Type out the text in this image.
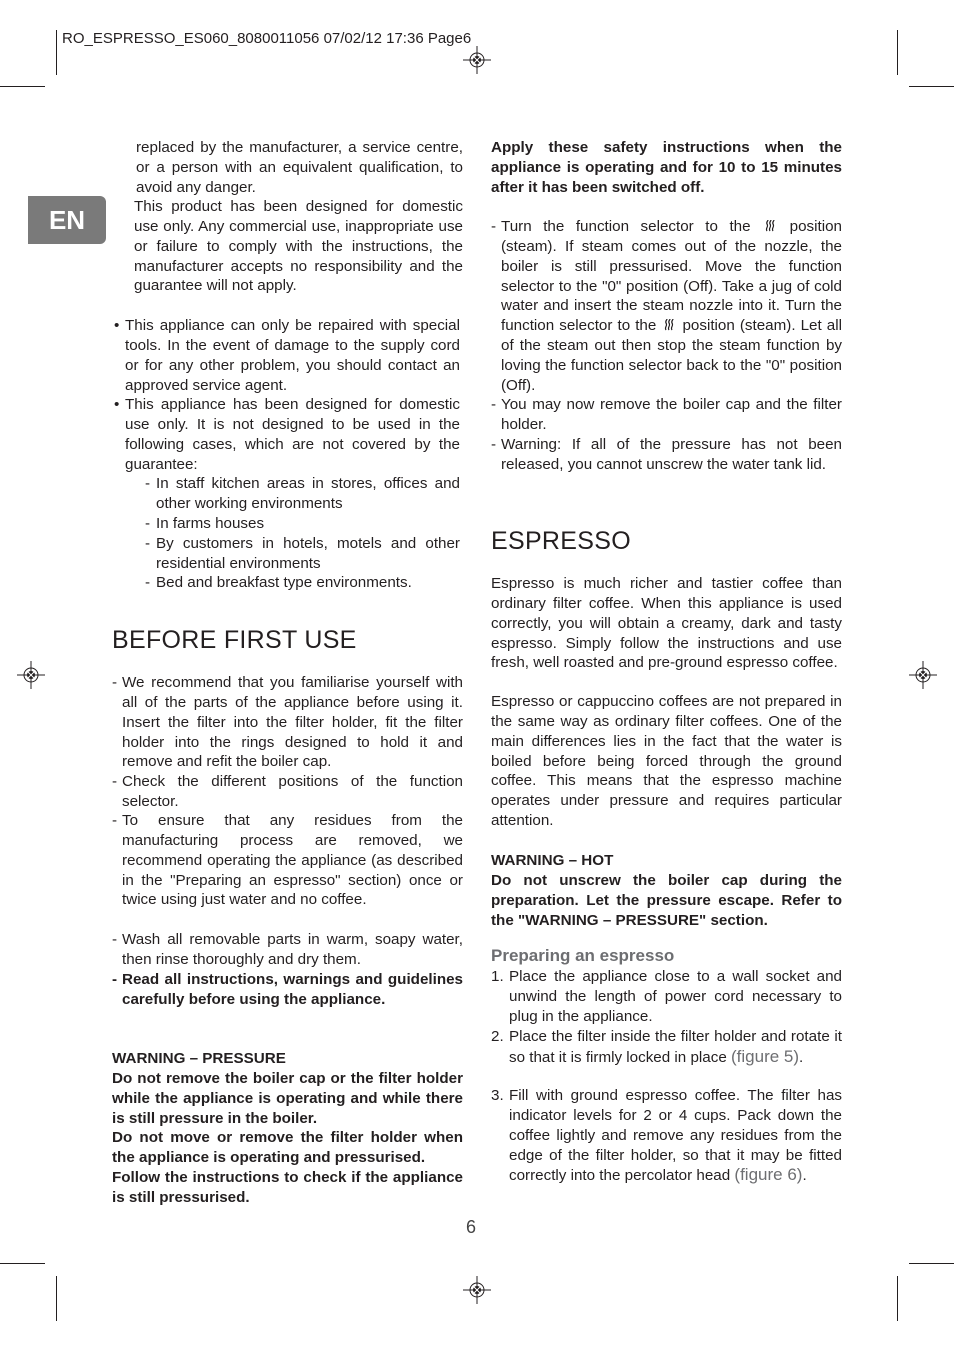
RO_ESPRESSO_ES060_8080011056 07/02/12 17:36 Page6
EN

replaced by the manufacturer, a service centre, or a person with an equivalent qualification, to avoid any danger.

This product has been designed for domestic use only. Any commercial use, inappropriate use or failure to comply with the instructions, the manufacturer accepts no responsibility and the guarantee will not apply.

• This appliance can only be repaired with special tools. In the event of damage to the supply cord or for any other problem, you should contact an approved service agent.

• This appliance has been designed for domestic use only. It is not designed to be used in the following cases, which are not covered by the guarantee:

- In staff kitchen areas in stores, offices and other working environments

- In farms houses

- By customers in hotels, motels and other residential environments

- Bed and breakfast type environments.

BEFORE FIRST USE
- We recommend that you familiarise yourself with all of the parts of the appliance before using it. Insert the filter into the filter holder, fit the filter holder into the rings designed to hold it and remove and refit the boiler cap.

- Check the different positions of the function selector.

- To ensure that any residues from the manufacturing process are removed, we recommend operating the appliance (as described in the "Preparing an espresso" section) once or twice using just water and no coffee.

- Wash all removable parts in warm, soapy water, then rinse thoroughly and dry them.

- Read all instructions, warnings and guidelines carefully before using the appliance.

WARNING – PRESSURE

Do not remove the boiler cap or the filter holder while the appliance is operating and while there is still pressure in the boiler.

Do not move or remove the filter holder when the appliance is operating and pressurised.

Follow the instructions to check if the appliance is still pressurised.

Apply these safety instructions when the appliance is operating and for 10 to 15 minutes after it has been switched off.

- Turn the function selector to the	position (steam). If steam comes out of the nozzle, the boiler is still pressurised. Move the function selector to the "0" position (Off). Take a jug of cold water and insert the steam nozzle into it. Turn the function selector to the position (steam). Let all of the steam out then stop the steam function by loving the function selector back to the "0" position (Off).

- You may now remove the boiler cap and the filter holder.

- Warning: If all of the pressure has not been released, you cannot unscrew the water tank lid.

ESPRESSO

Espresso is much richer and tastier coffee than ordinary filter coffee. When this appliance is used correctly, you will obtain a creamy, dark and tasty espresso. Simply follow the instructions and use fresh, well roasted and pre-ground espresso coffee.

Espresso or cappuccino coffees are not prepared in the same way as ordinary filter coffees. One of the main differences lies in the fact that the water is boiled before being forced through the ground coffee. This means that the espresso machine operates under pressure and requires particular attention.

WARNING – HOT

Do not unscrew the boiler cap during the preparation. Let the pressure escape. Refer to the "WARNING – PRESSURE" section.

Preparing an espresso
1. Place the appliance close to a wall socket and unwind the length of power cord necessary to plug in the appliance.

2. Place the filter inside the filter holder and rotate it so that it is firmly locked in place (figure 5).

3. Fill with ground espresso coffee. The filter has indicator levels for 2 or 4 cups. Pack down the coffee lightly and remove any residues from the edge of the filter holder, so that it may be fitted correctly into the percolator head (figure 6).

6
